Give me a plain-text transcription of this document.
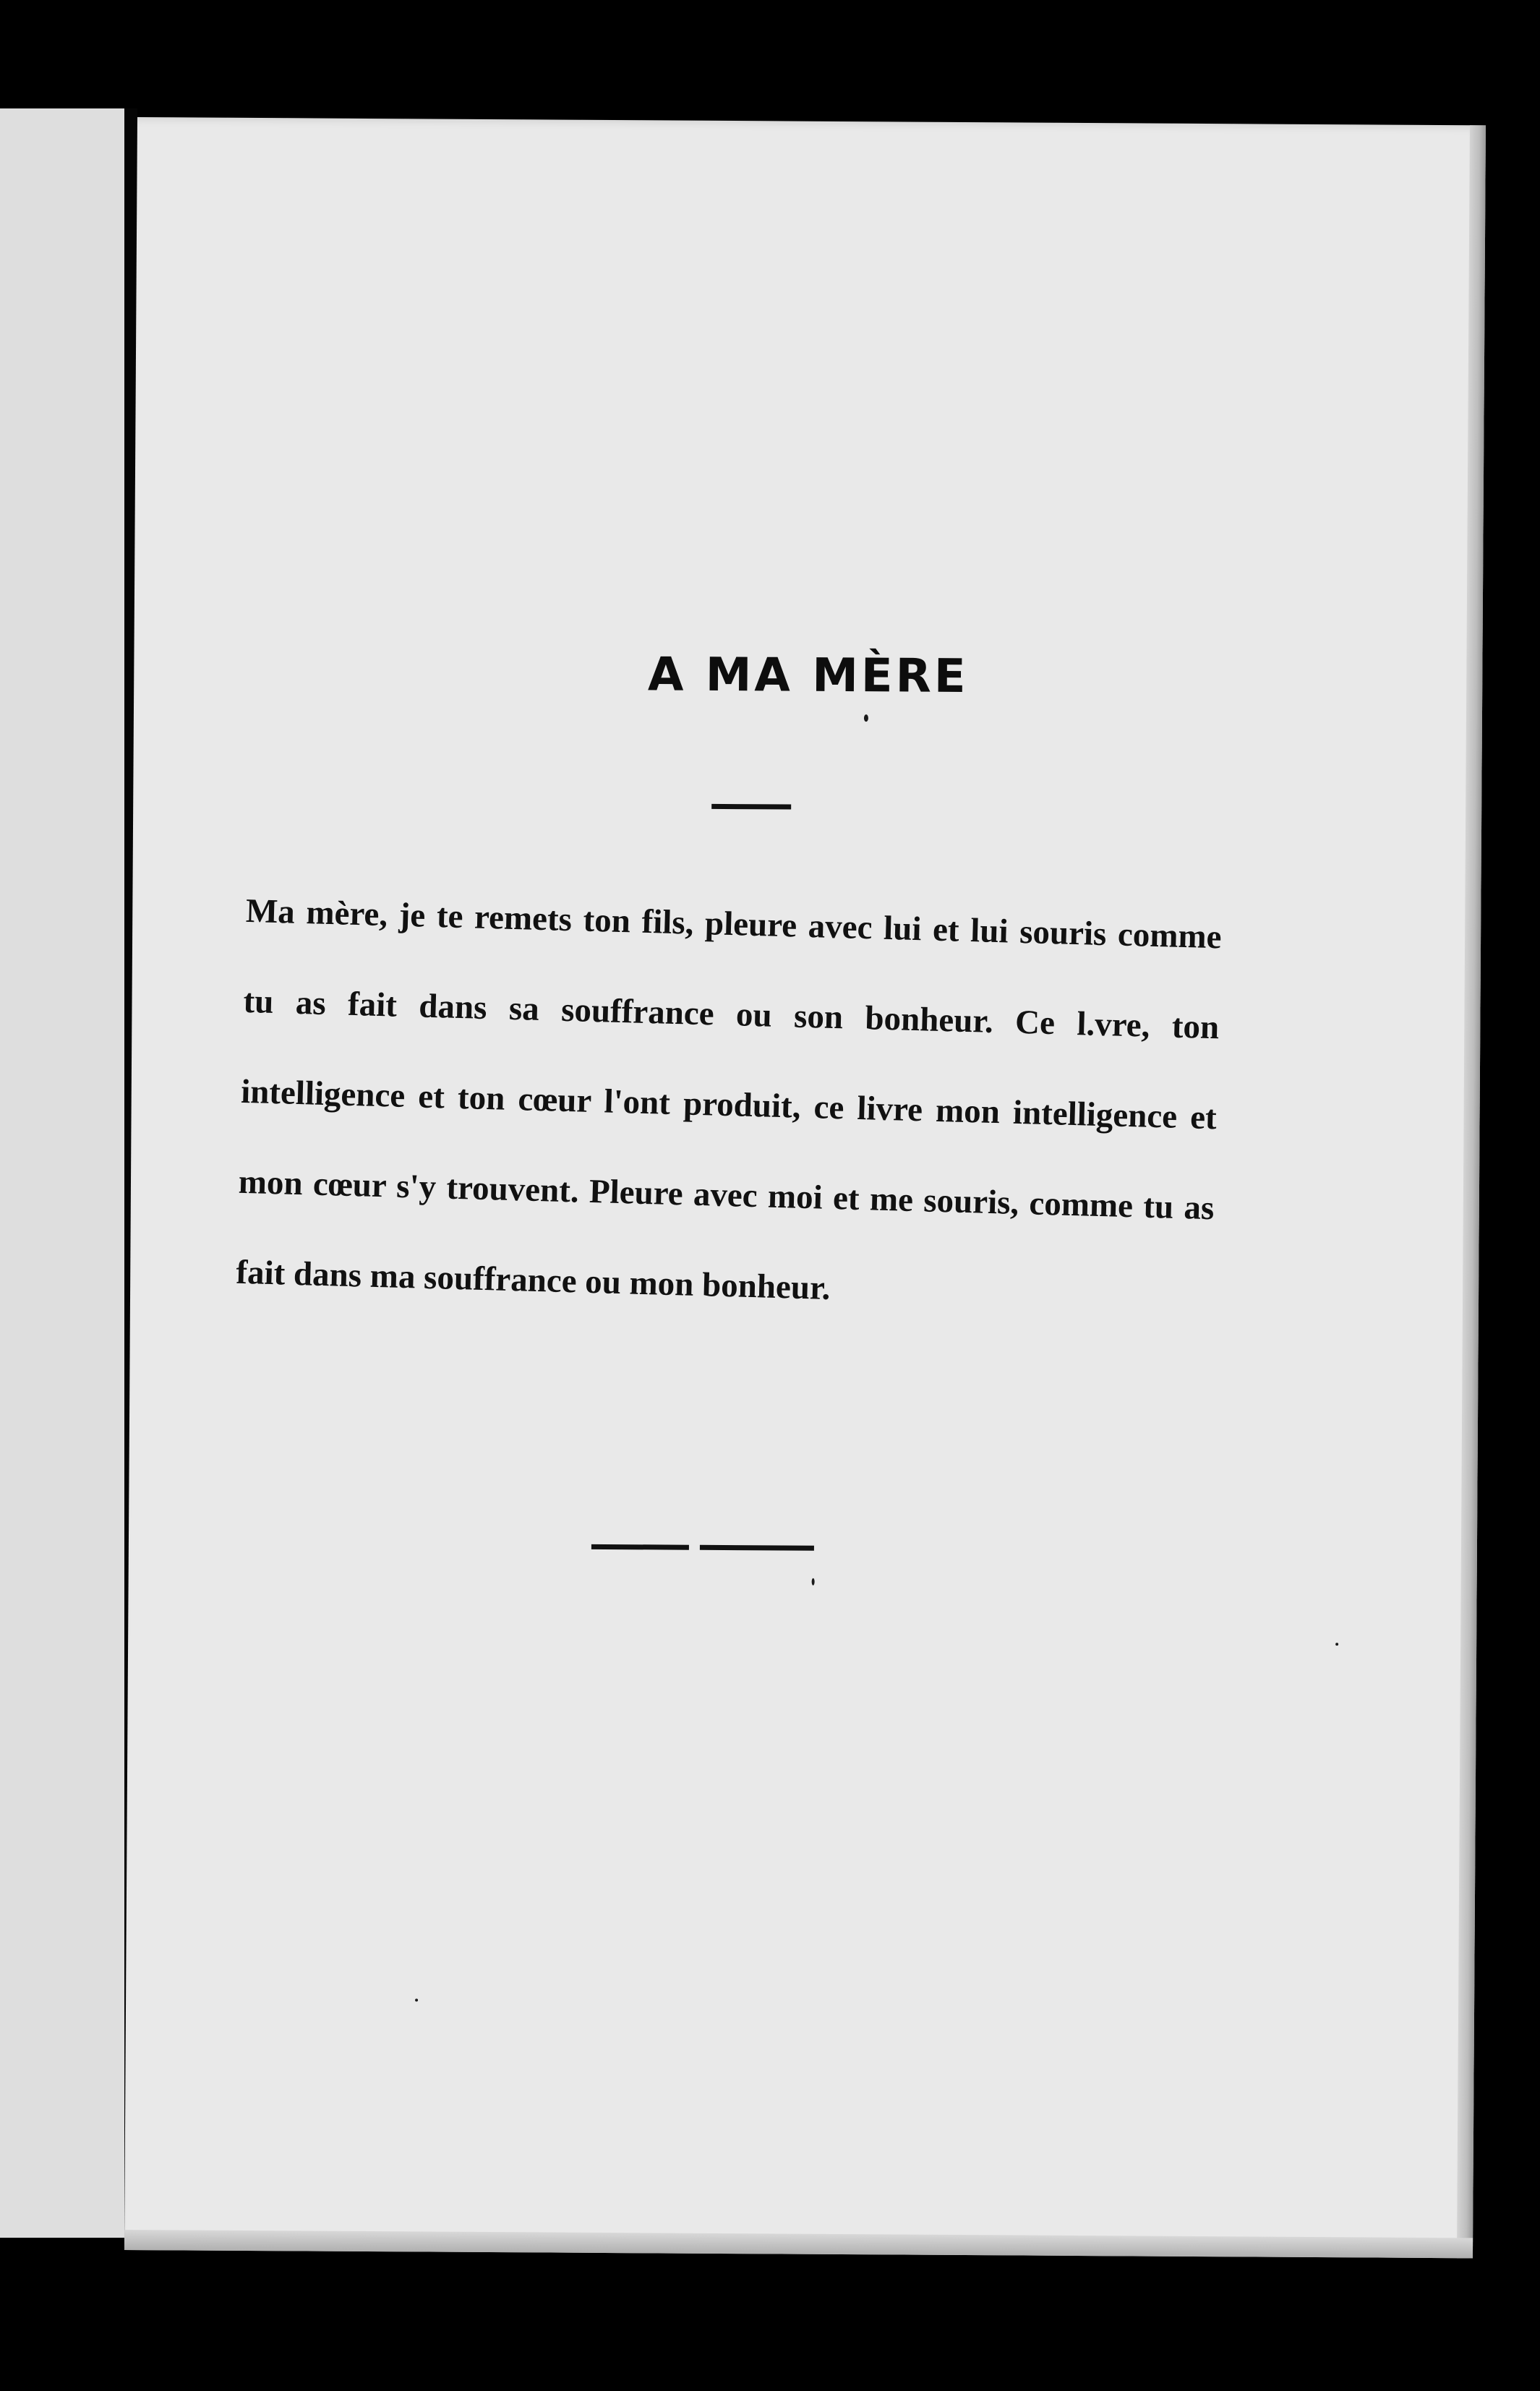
A MA MÈRE
Ma mère, je te remets ton fils, pleure avec lui et lui souris comme tu as fait dans sa souffrance ou son bonheur. Ce l.vre, ton intelligence et ton cœur l'ont produit, ce livre mon intelligence et mon cœur s'y trouvent. Pleure avec moi et me souris, comme tu as fait dans ma souffrance ou mon bonheur.
